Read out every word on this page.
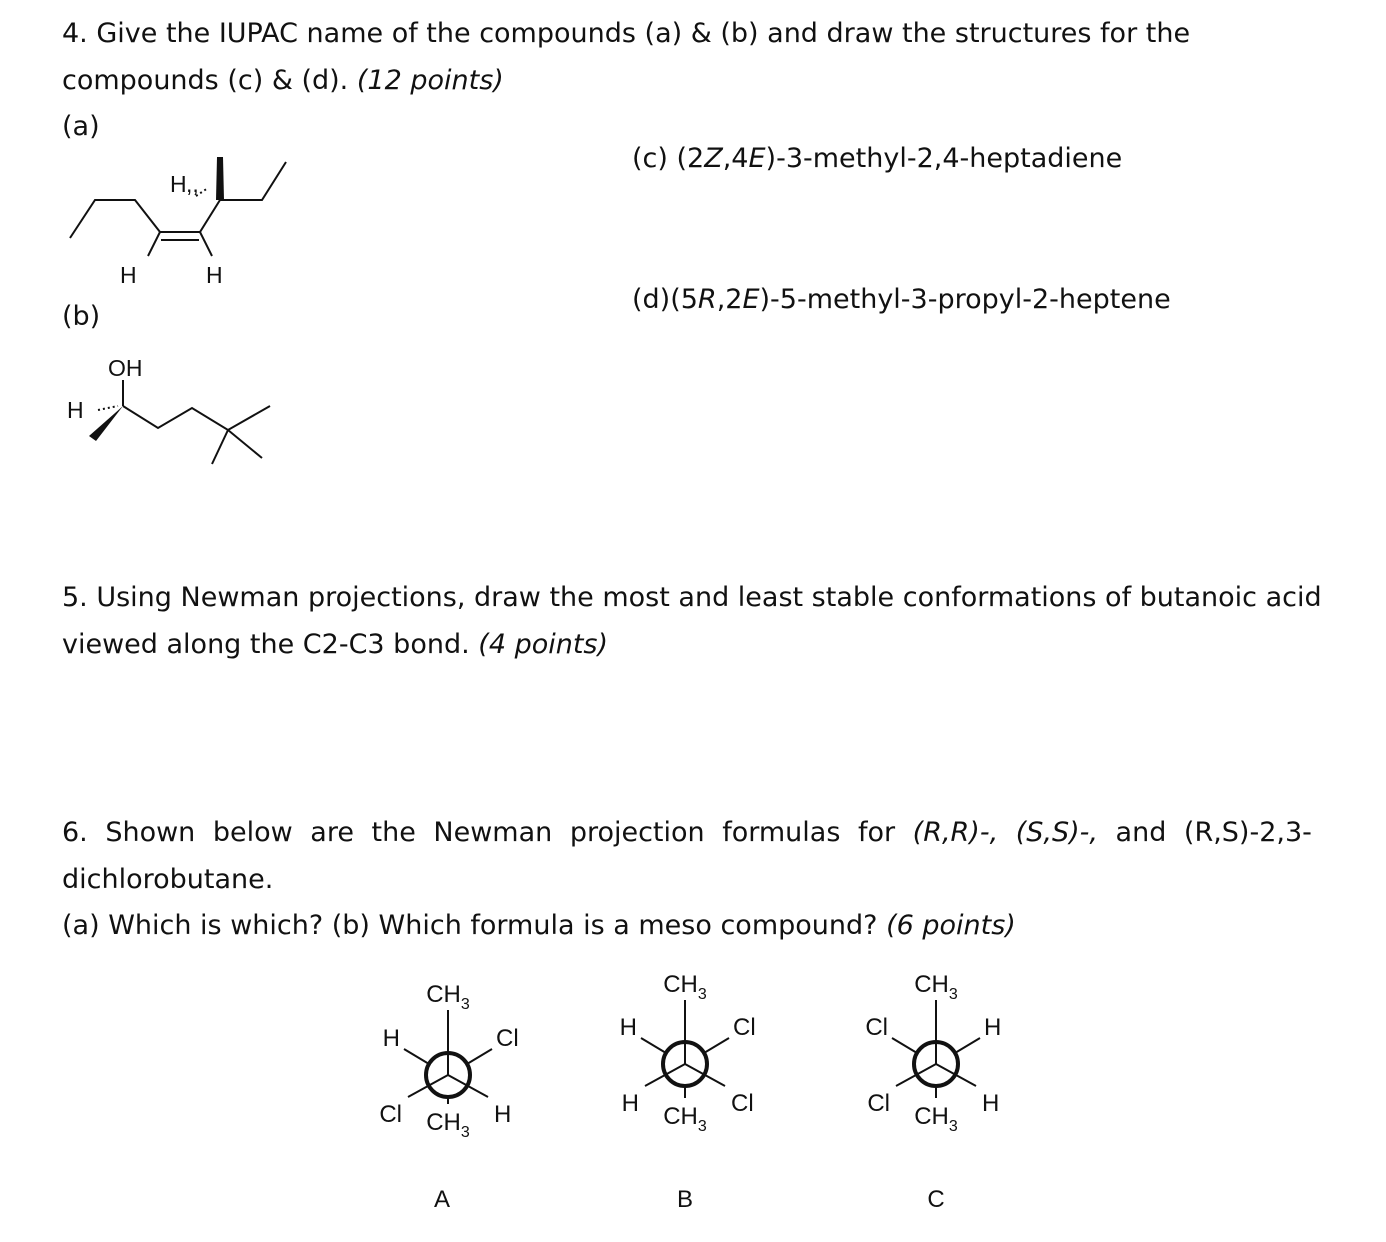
4. Give the IUPAC name of the compounds (a) & (b) and draw the structures for the
compounds (c) & (d). (12 points)
(a)
(b)
(c) (2Z,4E)-3-methyl-2,4-heptadiene
(d)(5R,2E)-5-methyl-3-propyl-2-heptene
5. Using Newman projections, draw the most and least stable conformations of butanoic acid
viewed along the C2-C3 bond. (4 points)
6. Shown below are the Newman projection formulas for (R,R)-, (S,S)-, and (R,S)-2,3-
dichlorobutane.
(a) Which is which? (b) Which formula is a meso compound? (6 points)
H ,,
H	H
OH
H
$CH_3$
H	Cl
Cl	H
$CH_3$
A
$CH_3$
H	Cl
H	Cl
$CH_3$
B
$CH_3$
Cl	H
Cl	H
$CH_3$
C
